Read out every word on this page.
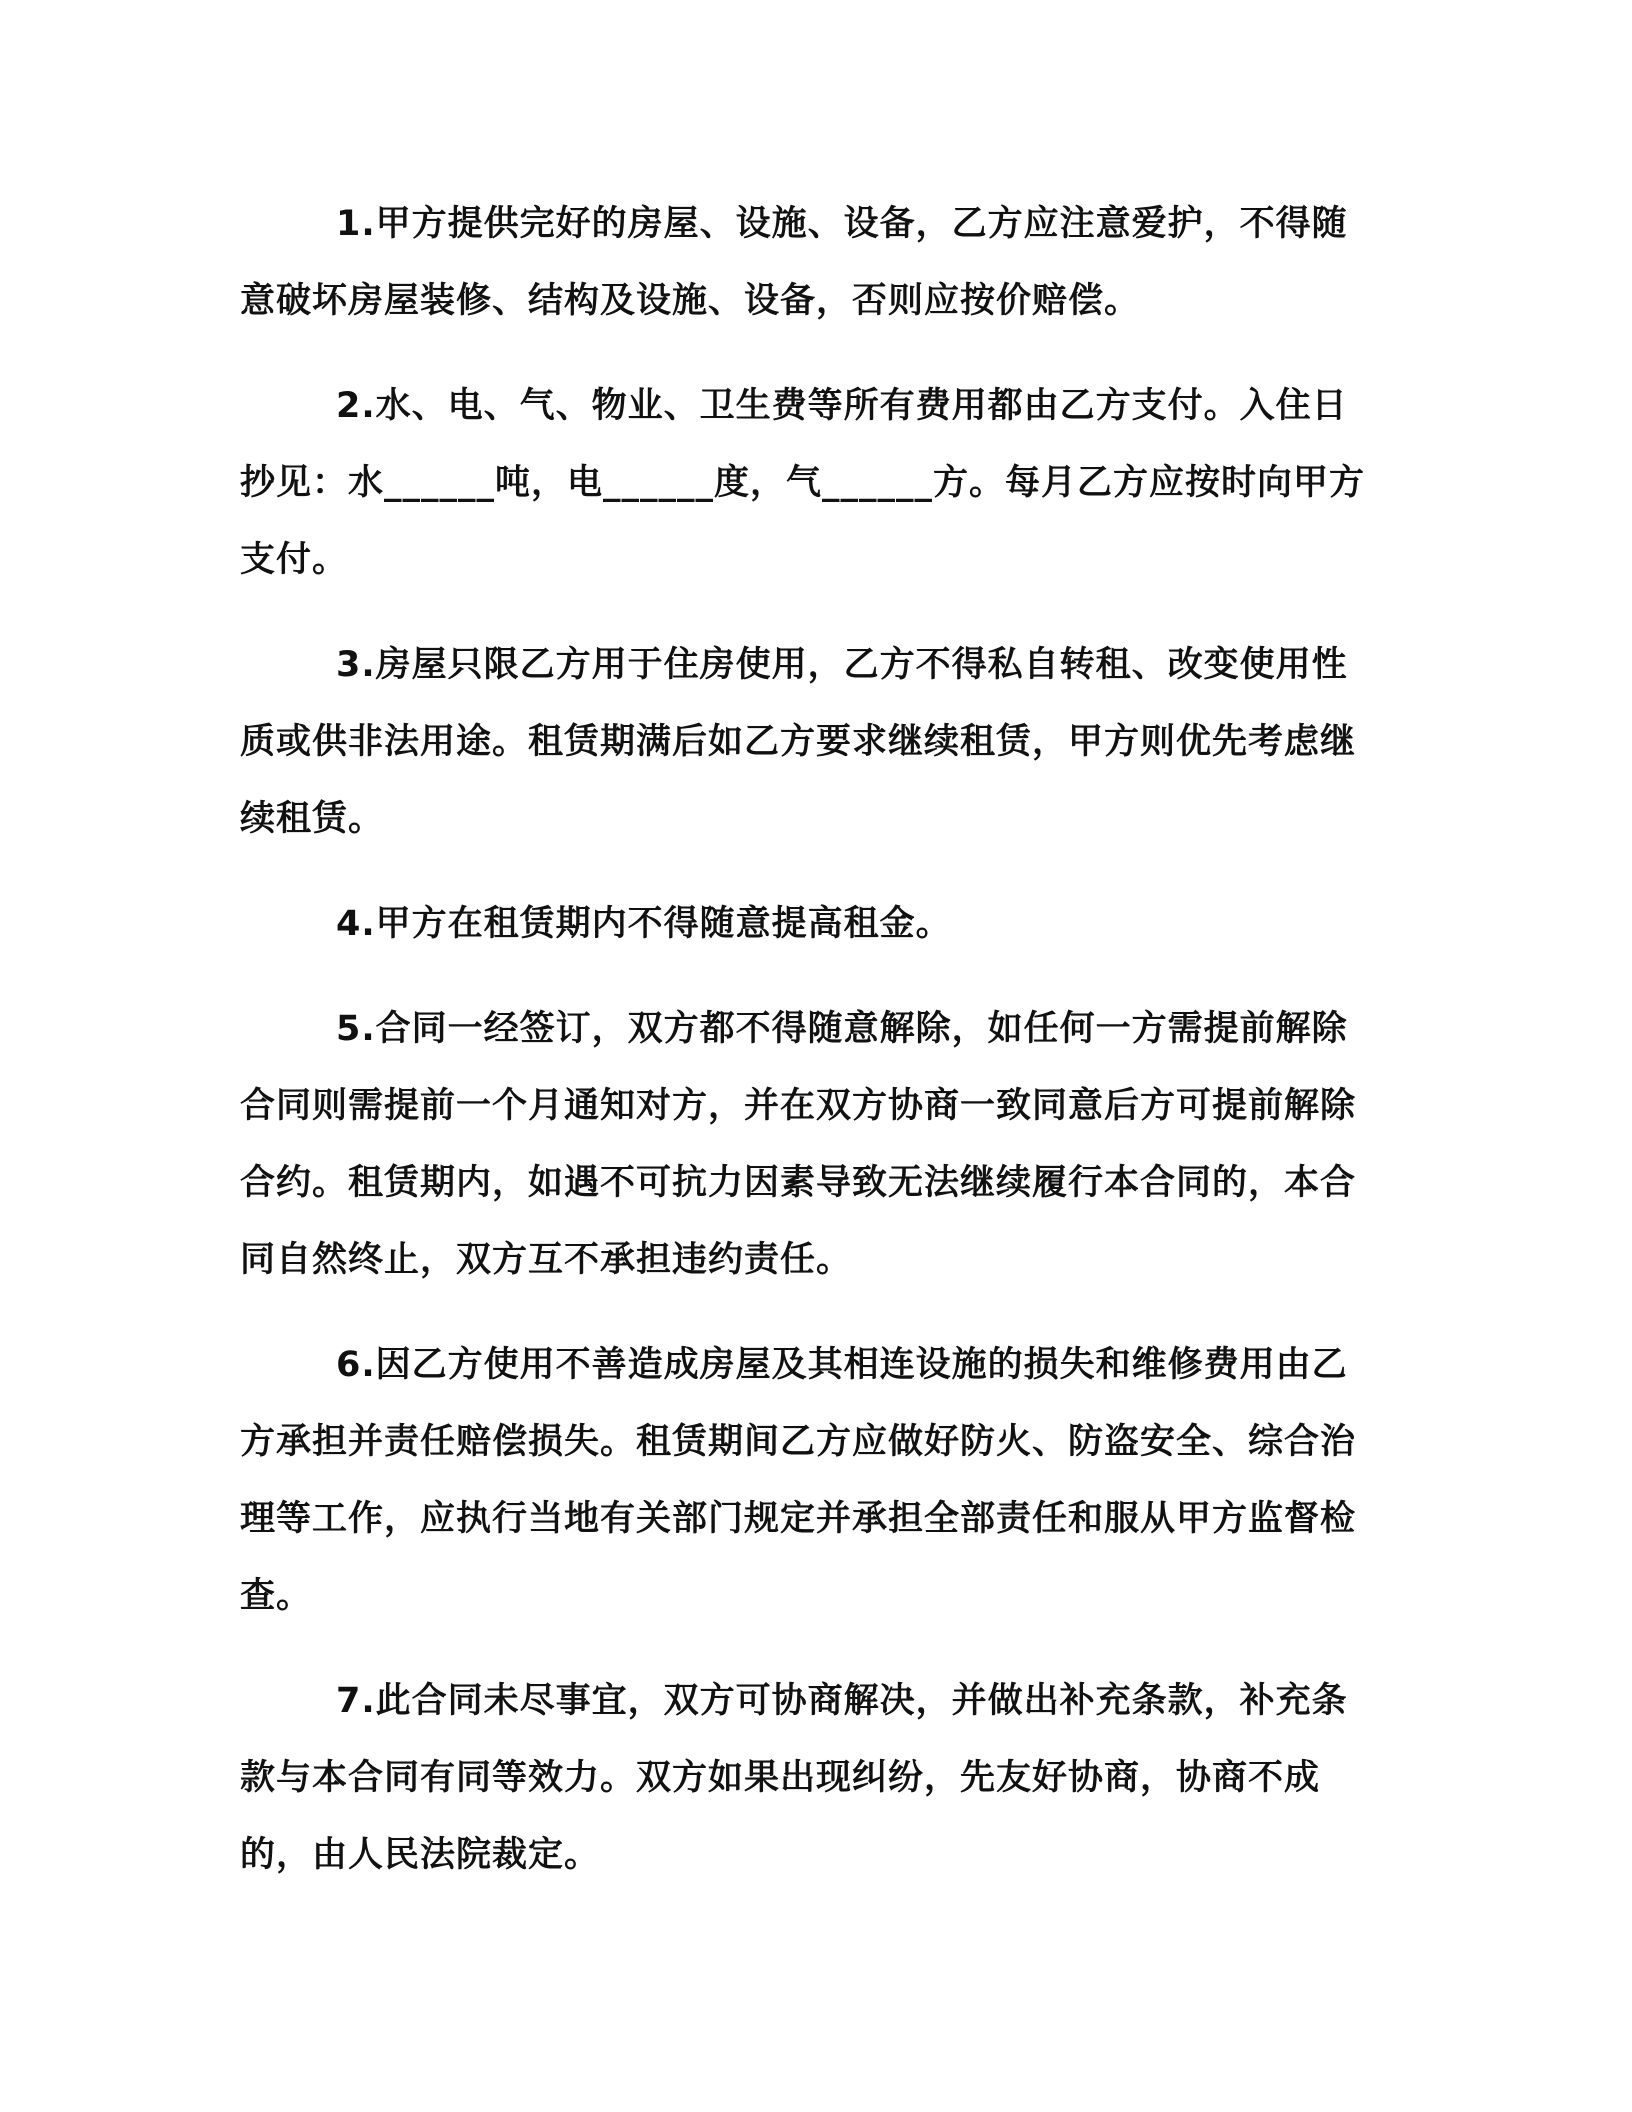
1.甲方提供完好的房屋、设施、设备，乙方应注意爱护，不得随意破坏房屋装修、结构及设施、设备，否则应按价赔偿。

2.水、电、气、物业、卫生费等所有费用都由乙方支付。入住日抄见：水______吨，电______度，气______方。每月乙方应按时向甲方支付。

3.房屋只限乙方用于住房使用，乙方不得私自转租、改变使用性质或供非法用途。租赁期满后如乙方要求继续租赁，甲方则优先考虑继续租赁。

4.甲方在租赁期内不得随意提高租金。

5.合同一经签订，双方都不得随意解除，如任何一方需提前解除合同则需提前一个月通知对方，并在双方协商一致同意后方可提前解除合约。租赁期内，如遇不可抗力因素导致无法继续履行本合同的，本合同自然终止，双方互不承担违约责任。

6.因乙方使用不善造成房屋及其相连设施的损失和维修费用由乙方承担并责任赔偿损失。租赁期间乙方应做好防火、防盗安全、综合治理等工作，应执行当地有关部门规定并承担全部责任和服从甲方监督检查。

7.此合同未尽事宜，双方可协商解决，并做出补充条款，补充条款与本合同有同等效力。双方如果出现纠纷，先友好协商，协商不成的，由人民法院裁定。
